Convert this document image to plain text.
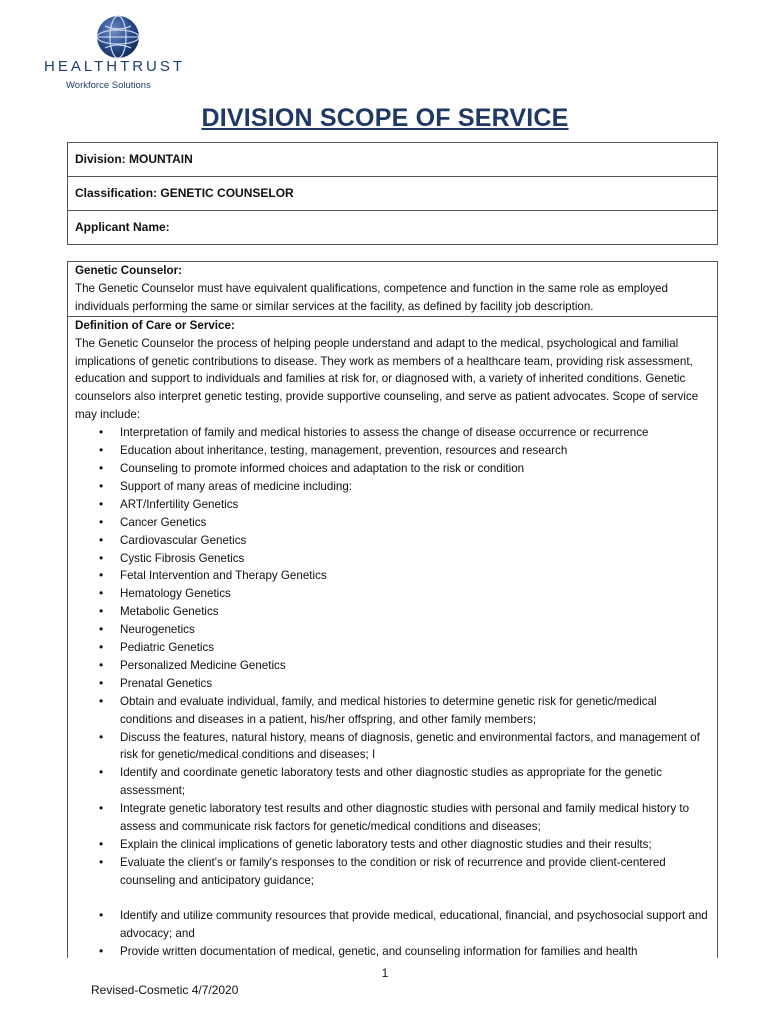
HEALTHTRUST
Workforce Solutions
DIVISION SCOPE OF SERVICE
Division: MOUNTAIN
Classification: GENETIC COUNSELOR
Applicant Name:
Genetic Counselor:

The Genetic Counselor must have equivalent qualifications, competence and function in the same role as employed individuals performing the same or similar services at the facility, as defined by facility job description.

Definition of Care or Service:

The Genetic Counselor the process of helping people understand and adapt to the medical, psychological and familial implications of genetic contributions to disease. They work as members of a healthcare team, providing risk assessment, education and support to individuals and families at risk for, or diagnosed with, a variety of inherited conditions. Genetic counselors also interpret genetic testing, provide supportive counseling, and serve as patient advocates. Scope of service may include:

• Interpretation of family and medical histories to assess the change of disease occurrence or recurrence
• Education about inheritance, testing, management, prevention, resources and research
• Counseling to promote informed choices and adaptation to the risk or condition
• Support of many areas of medicine including:
• ART/Infertility Genetics
• Cancer Genetics
• Cardiovascular Genetics
• Cystic Fibrosis Genetics
• Fetal Intervention and Therapy Genetics
• Hematology Genetics
• Metabolic Genetics
• Neurogenetics
• Pediatric Genetics
• Personalized Medicine Genetics
• Prenatal Genetics
• Obtain and evaluate individual, family, and medical histories to determine genetic risk for genetic/medical conditions and diseases in a patient, his/her offspring, and other family members;
• Discuss the features, natural history, means of diagnosis, genetic and environmental factors, and management of risk for genetic/medical conditions and diseases; I
• Identify and coordinate genetic laboratory tests and other diagnostic studies as appropriate for the genetic assessment;
• Integrate genetic laboratory test results and other diagnostic studies with personal and family medical history to assess and communicate risk factors for genetic/medical conditions and diseases;
• Explain the clinical implications of genetic laboratory tests and other diagnostic studies and their results;
• Evaluate the client's or family's responses to the condition or risk of recurrence and provide client-centered counseling and anticipatory guidance;
• Identify and utilize community resources that provide medical, educational, financial, and psychosocial support and advocacy; and
• Provide written documentation of medical, genetic, and counseling information for families and health
1
Revised-Cosmetic 4/7/2020
